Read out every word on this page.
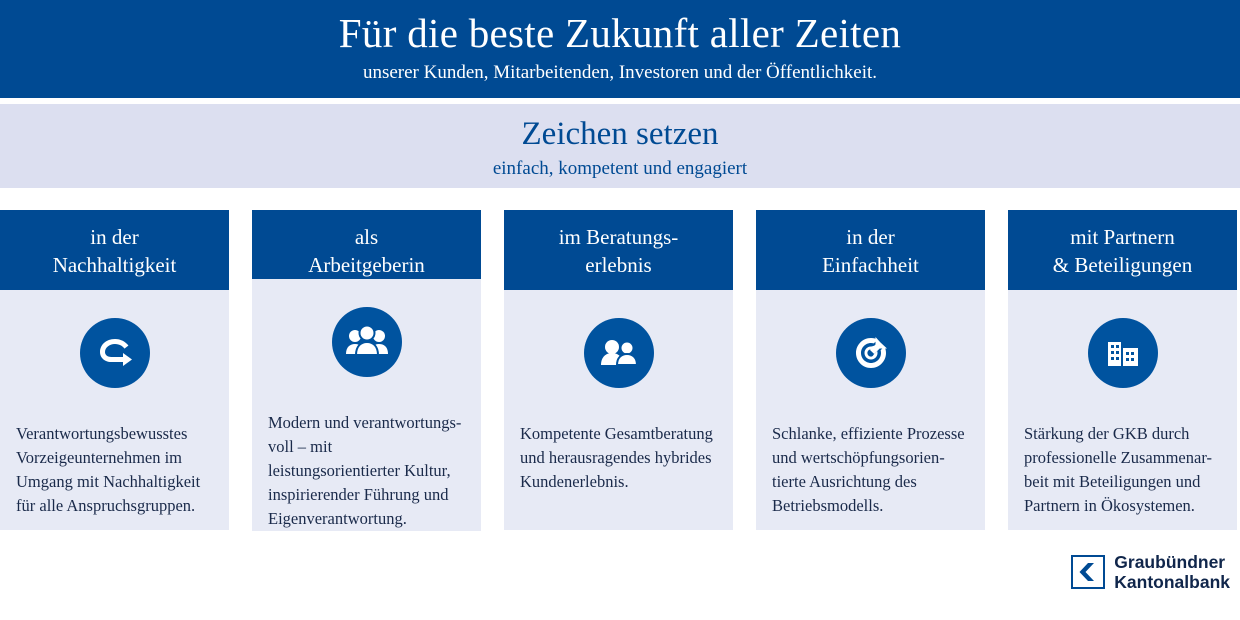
Für die beste Zukunft aller Zeiten
unserer Kunden, Mitarbeitenden, Investoren und der Öffentlichkeit.
Zeichen setzen
einfach, kompetent und engagiert
in der
Nachhaltigkeit
Verantwortungsbewusstes Vorzeigeunternehmen im Umgang mit Nachhaltigkeit für alle Anspruchsgruppen.
als
Arbeitgeberin
Modern und verantwortungs-voll – mit leistungsorientierter Kultur, inspirierender Führung und Eigenverantwortung.
im Beratungs-
erlebnis
Kompetente Gesamtberatung und herausragendes hybrides Kundenerlebnis.
in der
Einfachheit
Schlanke, effiziente Prozesse und wertschöpfungsorien-tierte Ausrichtung des Betriebsmodells.
mit Partnern
& Beteiligungen
Stärkung der GKB durch professionelle Zusammenar-beit mit Beteiligungen und Partnern in Ökosystemen.
Graubündner
Kantonalbank
